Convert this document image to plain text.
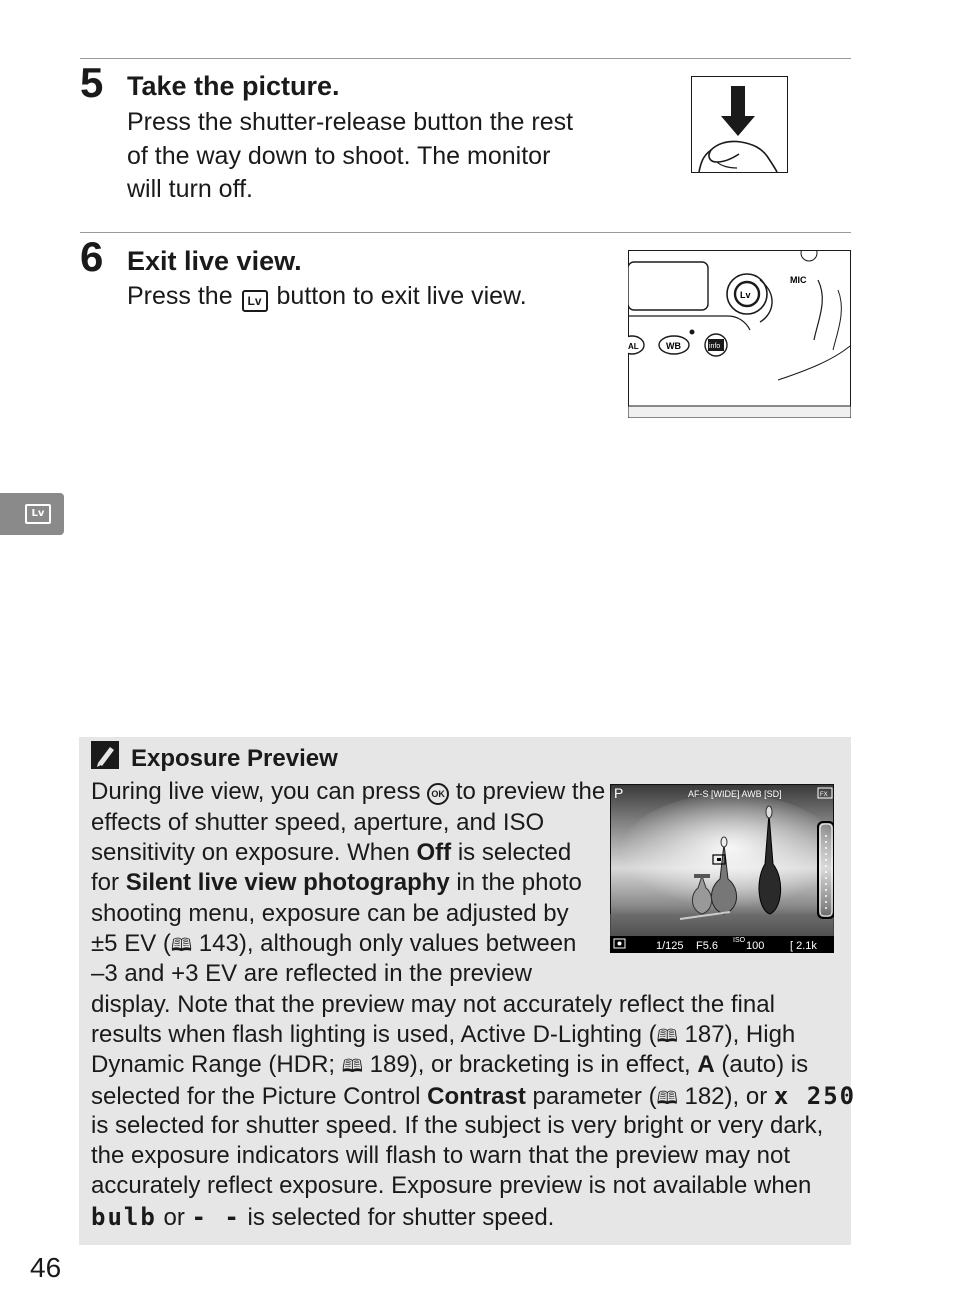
5 Take the picture.
Press the shutter-release button the rest
of the way down to shoot. The monitor
will turn off.
6 Exit live view.
Press the Lv button to exit live view.	Lv
MIC
AL	WB	info
Lv
Exposure Preview
During live view, you can press OK to preview the
effects of shutter speed, aperture, and ISO
sensitivity on exposure. When Off is selected
for Silent live view photography in the photo
shooting menu, exposure can be adjusted by
±5 EV (🕮 143), although only values between
–3 and +3 EV are reflected in the preview
display. Note that the preview may not accurately reflect the final
results when flash lighting is used, Active D-Lighting (🕮 187), High
Dynamic Range (HDR; 🕮 189), or bracketing is in effect, A (auto) is
selected for the Picture Control Contrast parameter (🕮 182), or x 250
is selected for shutter speed. If the subject is very bright or very dark,
the exposure indicators will flash to warn that the preview may not
accurately reflect exposure. Exposure preview is not available when
bulb or - - is selected for shutter speed.
P	AF-S [WIDE] AWB [SD]	FX
1/125 F5.6 ISO 100 [ 2.1k
46
